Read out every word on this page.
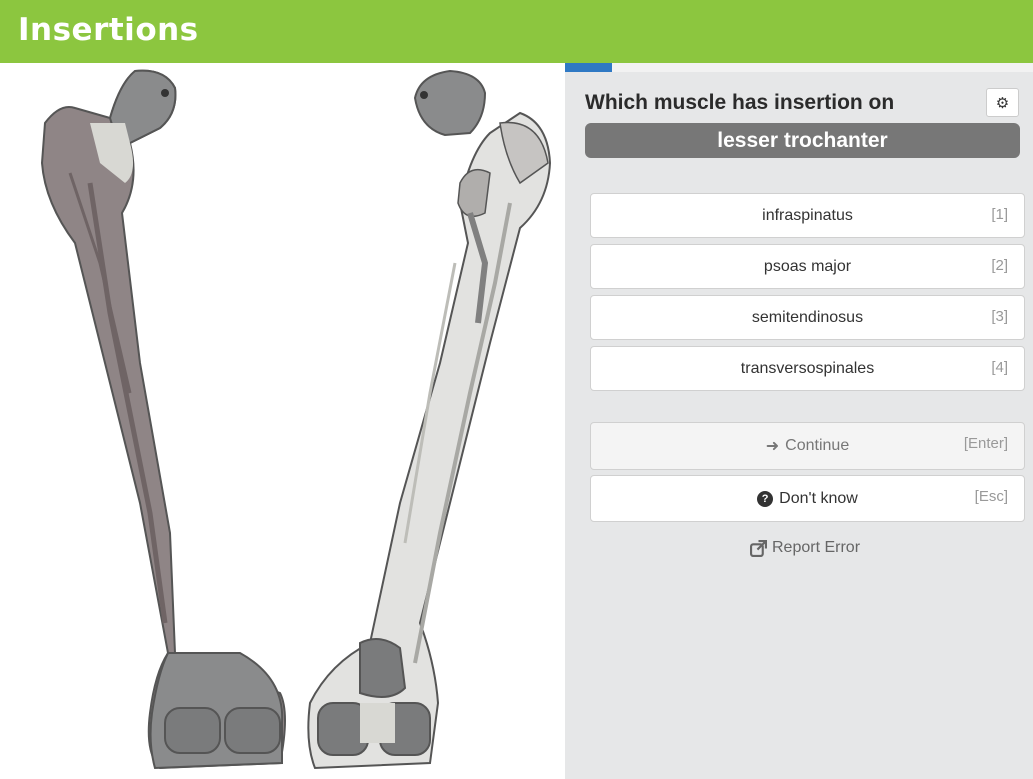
Insertions
Which muscle has insertion on	⚙
lesser trochanter
infraspinatus	[1]
psoas major	[2]
semitendinosus	[3]
transversospinales	[4]
➜ Continue	[Enter]
? Don't know	[Esc]
Report Error
